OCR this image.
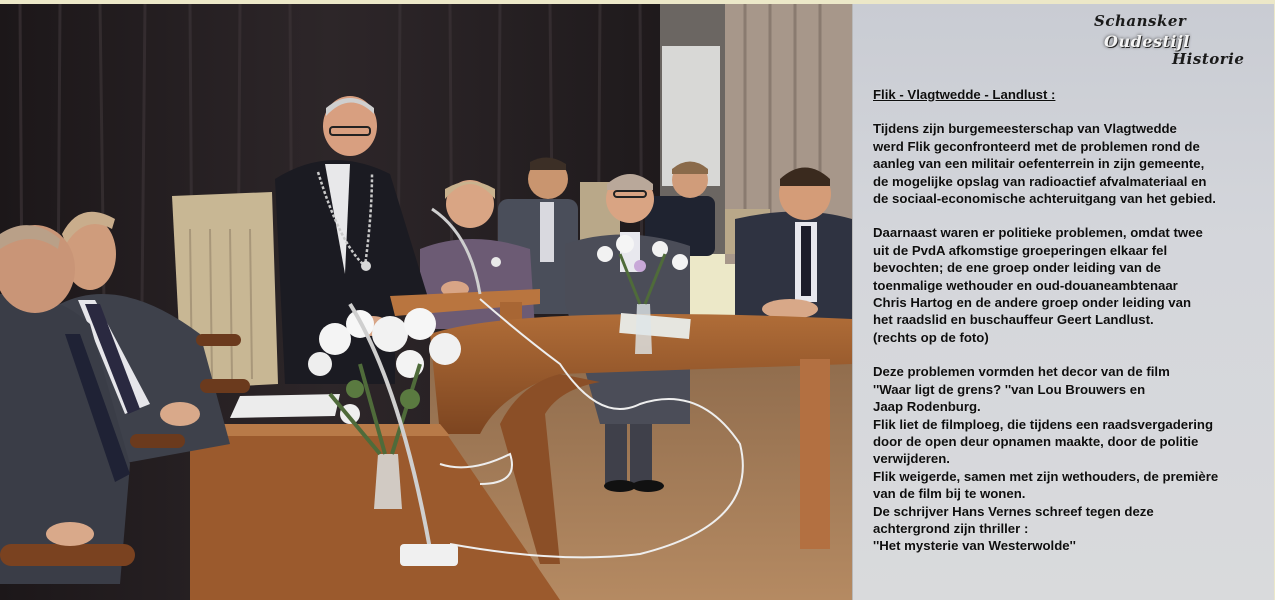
Schansker
Oudestijl
Historie

Flik - Vlagtwedde - Landlust :

Tijdens zijn burgemeesterschap van Vlagtwedde
werd Flik geconfronteerd met de problemen rond de
aanleg van een militair oefenterrein in zijn gemeente,
de mogelijke opslag van radioactief afvalmateriaal en
de sociaal-economische achteruitgang van het gebied.

Daarnaast waren er politieke problemen, omdat twee
uit de PvdA afkomstige groeperingen elkaar fel
bevochten; de ene groep onder leiding van de
toenmalige wethouder en oud-douaneambtenaar
Chris Hartog en de andere groep onder leiding van
het raadslid en buschauffeur Geert Landlust.
(rechts op de foto)

Deze problemen vormden het decor van de film
''Waar ligt de grens? ''van Lou Brouwers en
Jaap Rodenburg.
Flik liet de filmploeg, die tijdens een raadsvergadering
door de open deur opnamen maakte, door de politie
verwijderen.
Flik weigerde, samen met zijn wethouders, de première
van de film bij te wonen.
De schrijver Hans Vernes schreef tegen deze
achtergrond zijn thriller :
''Het mysterie van Westerwolde''
